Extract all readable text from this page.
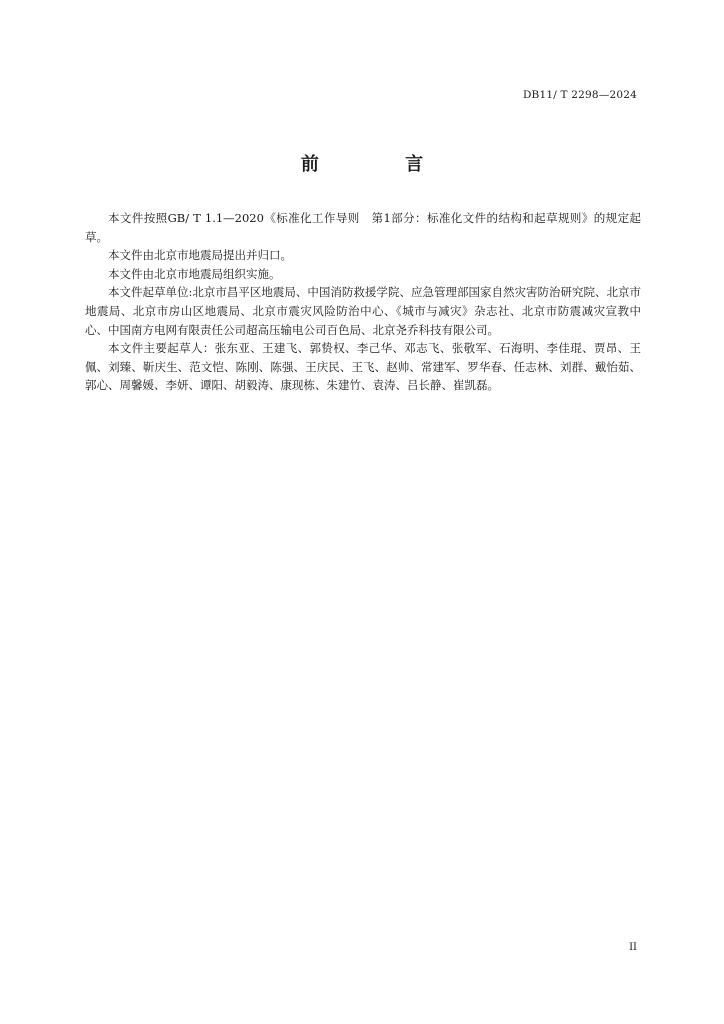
DB11/ T 2298—2024
前 言

本文件按照GB/ T 1.1—2020《标准化工作导则　第1部分：标准化文件的结构和起草规则》的规定起草。

本文件由北京市地震局提出并归口。

本文件由北京市地震局组织实施。

本文件起草单位:北京市昌平区地震局、中国消防救援学院、应急管理部国家自然灾害防治研究院、北京市地震局、北京市房山区地震局、北京市震灾风险防治中心、《城市与减灾》杂志社、北京市防震减灾宣教中心、中国南方电网有限责任公司超高压输电公司百色局、北京尧乔科技有限公司。

本文件主要起草人：张东亚、王建飞、郭贽权、李己华、邓志飞、张敬军、石海明、李佳琨、贾昂、王佩、刘臻、靳庆生、范文恺、陈刚、陈强、王庆民、王飞、赵帅、常建军、罗华春、任志林、刘群、戴怡茹、郭心、周馨媛、李妍、谭阳、胡毅涛、康现栋、朱建竹、袁涛、吕长静、崔凯磊。

II
